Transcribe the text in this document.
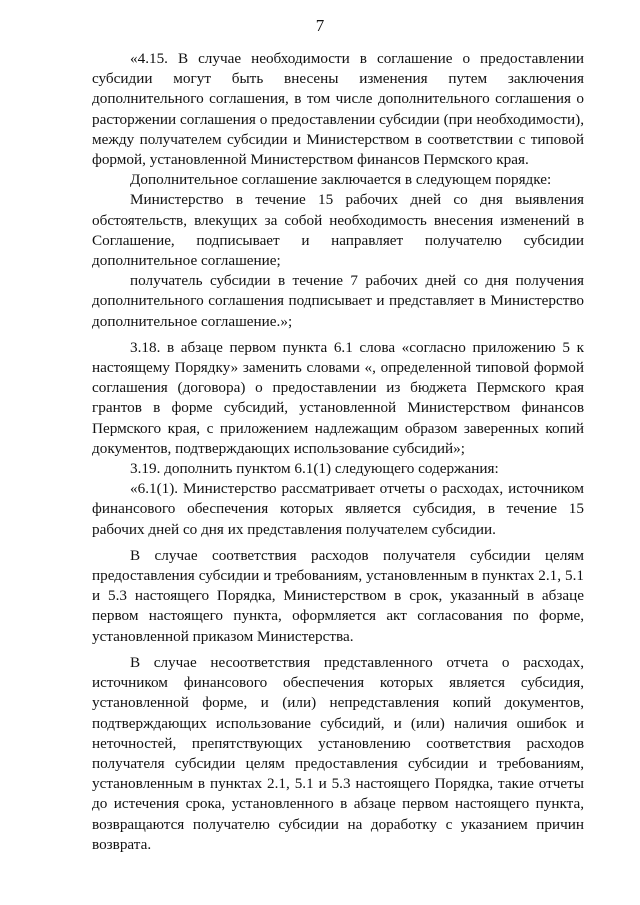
7

«4.15. В случае необходимости в соглашение о предоставлении субсидии могут быть внесены изменения путем заключения дополнительного соглашения, в том числе дополнительного соглашения о расторжении соглашения о предоставлении субсидии (при необходимости), между получателем субсидии и Министерством в соответствии с типовой формой, установленной Министерством финансов Пермского края.

Дополнительное соглашение заключается в следующем порядке:

Министерство в течение 15 рабочих дней со дня выявления обстоятельств, влекущих за собой необходимость внесения изменений в Соглашение, подписывает и направляет получателю субсидии дополнительное соглашение;

получатель субсидии в течение 7 рабочих дней со дня получения дополнительного соглашения подписывает и представляет в Министерство дополнительное соглашение.»;

3.18. в абзаце первом пункта 6.1 слова «согласно приложению 5 к настоящему Порядку» заменить словами «, определенной типовой формой соглашения (договора) о предоставлении из бюджета Пермского края грантов в форме субсидий, установленной Министерством финансов Пермского края, с приложением надлежащим образом заверенных копий документов, подтверждающих использование субсидий»;

3.19. дополнить пунктом 6.1(1) следующего содержания:

«6.1(1). Министерство рассматривает отчеты о расходах, источником финансового обеспечения которых является субсидия, в течение 15 рабочих дней со дня их представления получателем субсидии.

В случае соответствия расходов получателя субсидии целям предоставления субсидии и требованиям, установленным в пунктах 2.1, 5.1 и 5.3 настоящего Порядка, Министерством в срок, указанный в абзаце первом настоящего пункта, оформляется акт согласования по форме, установленной приказом Министерства.

В случае несоответствия представленного отчета о расходах, источником финансового обеспечения которых является субсидия, установленной форме, и (или) непредставления копий документов, подтверждающих использование субсидий, и (или) наличия ошибок и неточностей, препятствующих установлению соответствия расходов получателя субсидии целям предоставления субсидии и требованиям, установленным в пунктах 2.1, 5.1 и 5.3 настоящего Порядка, такие отчеты до истечения срока, установленного в абзаце первом настоящего пункта, возвращаются получателю субсидии на доработку с указанием причин возврата.
